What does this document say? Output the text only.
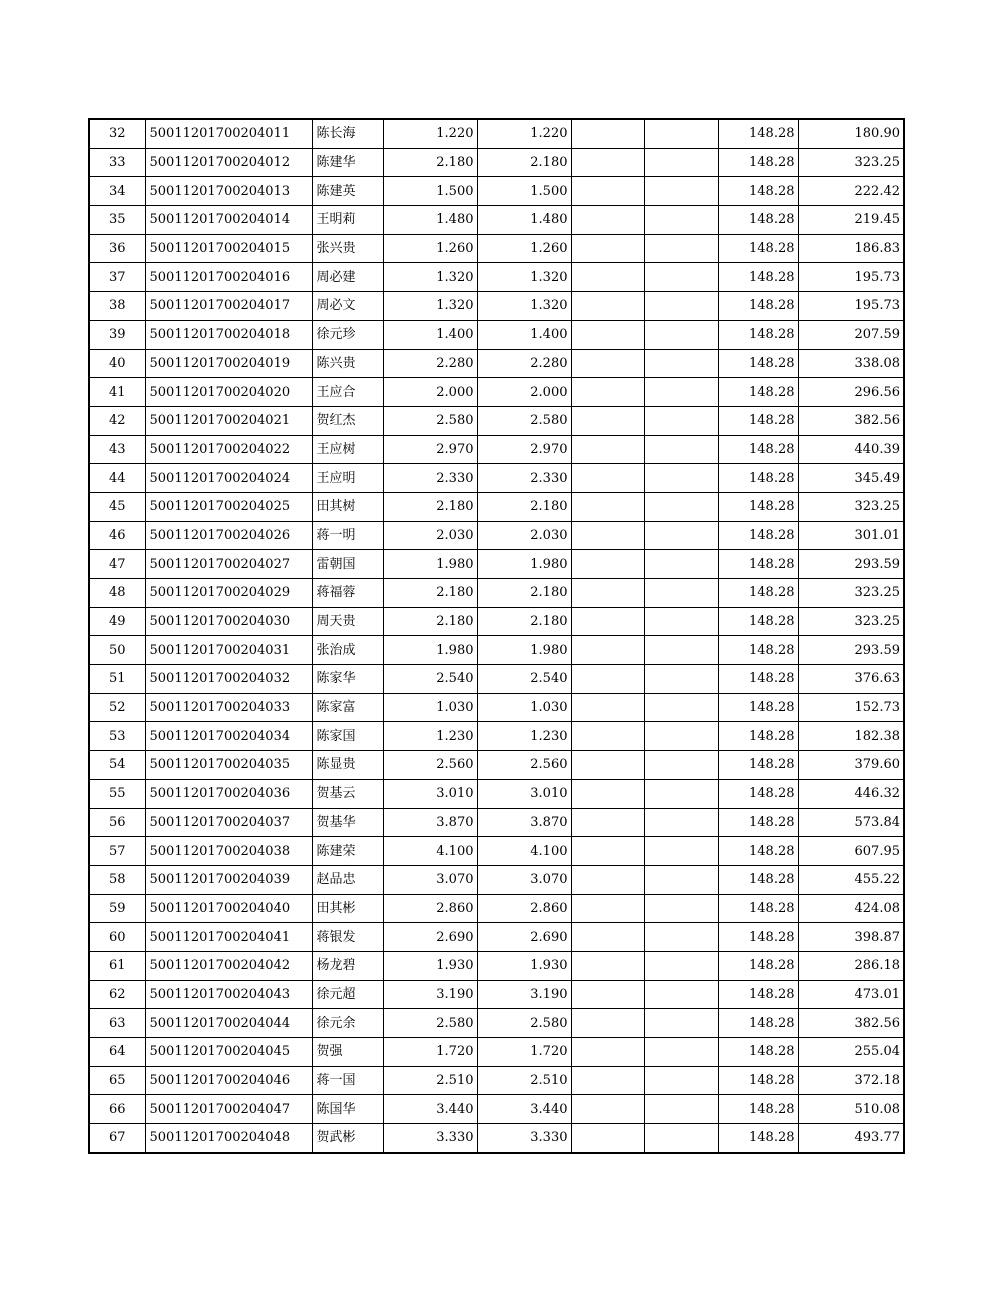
32	50011201700204011	陈长海	1.220	1.220			148.28	180.90
33	50011201700204012	陈建华	2.180	2.180			148.28	323.25
34	50011201700204013	陈建英	1.500	1.500			148.28	222.42
35	50011201700204014	王明莉	1.480	1.480			148.28	219.45
36	50011201700204015	张兴贵	1.260	1.260			148.28	186.83
37	50011201700204016	周必建	1.320	1.320			148.28	195.73
38	50011201700204017	周必文	1.320	1.320			148.28	195.73
39	50011201700204018	徐元珍	1.400	1.400			148.28	207.59
40	50011201700204019	陈兴贵	2.280	2.280			148.28	338.08
41	50011201700204020	王应合	2.000	2.000			148.28	296.56
42	50011201700204021	贺红杰	2.580	2.580			148.28	382.56
43	50011201700204022	王应树	2.970	2.970			148.28	440.39
44	50011201700204024	王应明	2.330	2.330			148.28	345.49
45	50011201700204025	田其树	2.180	2.180			148.28	323.25
46	50011201700204026	蒋一明	2.030	2.030			148.28	301.01
47	50011201700204027	雷朝国	1.980	1.980			148.28	293.59
48	50011201700204029	蒋福蓉	2.180	2.180			148.28	323.25
49	50011201700204030	周天贵	2.180	2.180			148.28	323.25
50	50011201700204031	张治成	1.980	1.980			148.28	293.59
51	50011201700204032	陈家华	2.540	2.540			148.28	376.63
52	50011201700204033	陈家富	1.030	1.030			148.28	152.73
53	50011201700204034	陈家国	1.230	1.230			148.28	182.38
54	50011201700204035	陈显贵	2.560	2.560			148.28	379.60
55	50011201700204036	贺基云	3.010	3.010			148.28	446.32
56	50011201700204037	贺基华	3.870	3.870			148.28	573.84
57	50011201700204038	陈建荣	4.100	4.100			148.28	607.95
58	50011201700204039	赵品忠	3.070	3.070			148.28	455.22
59	50011201700204040	田其彬	2.860	2.860			148.28	424.08
60	50011201700204041	蒋银发	2.690	2.690			148.28	398.87
61	50011201700204042	杨龙碧	1.930	1.930			148.28	286.18
62	50011201700204043	徐元超	3.190	3.190			148.28	473.01
63	50011201700204044	徐元余	2.580	2.580			148.28	382.56
64	50011201700204045	贺强	1.720	1.720			148.28	255.04
65	50011201700204046	蒋一国	2.510	2.510			148.28	372.18
66	50011201700204047	陈国华	3.440	3.440			148.28	510.08
67	50011201700204048	贺武彬	3.330	3.330			148.28	493.77
